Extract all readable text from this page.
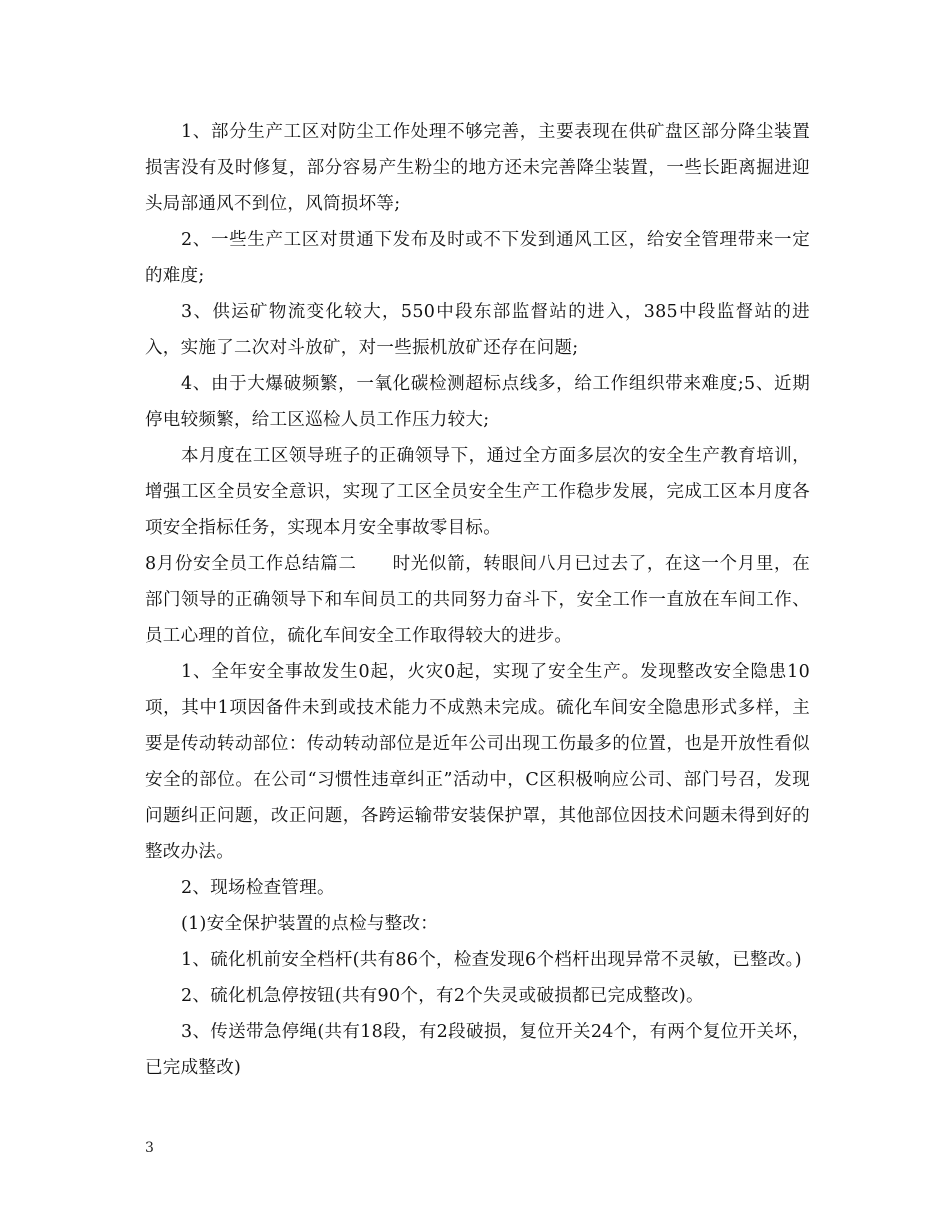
1、部分生产工区对防尘工作处理不够完善，主要表现在供矿盘区部分降尘装置损害没有及时修复，部分容易产生粉尘的地方还未完善降尘装置，一些长距离掘进迎头局部通风不到位，风筒损坏等;

2、一些生产工区对贯通下发布及时或不下发到通风工区，给安全管理带来一定的难度;

3、供运矿物流变化较大，550中段东部监督站的进入，385中段监督站的进入，实施了二次对斗放矿，对一些振机放矿还存在问题;

4、由于大爆破频繁，一氧化碳检测超标点线多，给工作组织带来难度;5、近期停电较频繁，给工区巡检人员工作压力较大;

本月度在工区领导班子的正确领导下，通过全方面多层次的安全生产教育培训，增强工区全员安全意识，实现了工区全员安全生产工作稳步发展，完成工区本月度各项安全指标任务，实现本月安全事故零目标。

8月份安全员工作总结篇二 时光似箭，转眼间八月已过去了，在这一个月里，在部门领导的正确领导下和车间员工的共同努力奋斗下，安全工作一直放在车间工作、员工心理的首位，硫化车间安全工作取得较大的进步。

1、全年安全事故发生0起，火灾0起，实现了安全生产。发现整改安全隐患10项，其中1项因备件未到或技术能力不成熟未完成。硫化车间安全隐患形式多样，主要是传动转动部位：传动转动部位是近年公司出现工伤最多的位置，也是开放性看似安全的部位。在公司“习惯性违章纠正”活动中，C区积极响应公司、部门号召，发现问题纠正问题，改正问题，各跨运输带安装保护罩，其他部位因技术问题未得到好的整改办法。

2、现场检查管理。

(1)安全保护装置的点检与整改：

1、硫化机前安全档杆(共有86个，检查发现6个档杆出现异常不灵敏，已整改。)

2、硫化机急停按钮(共有90个，有2个失灵或破损都已完成整改)。

3、传送带急停绳(共有18段，有2段破损，复位开关24个，有两个复位开关坏，已完成整改)

3
